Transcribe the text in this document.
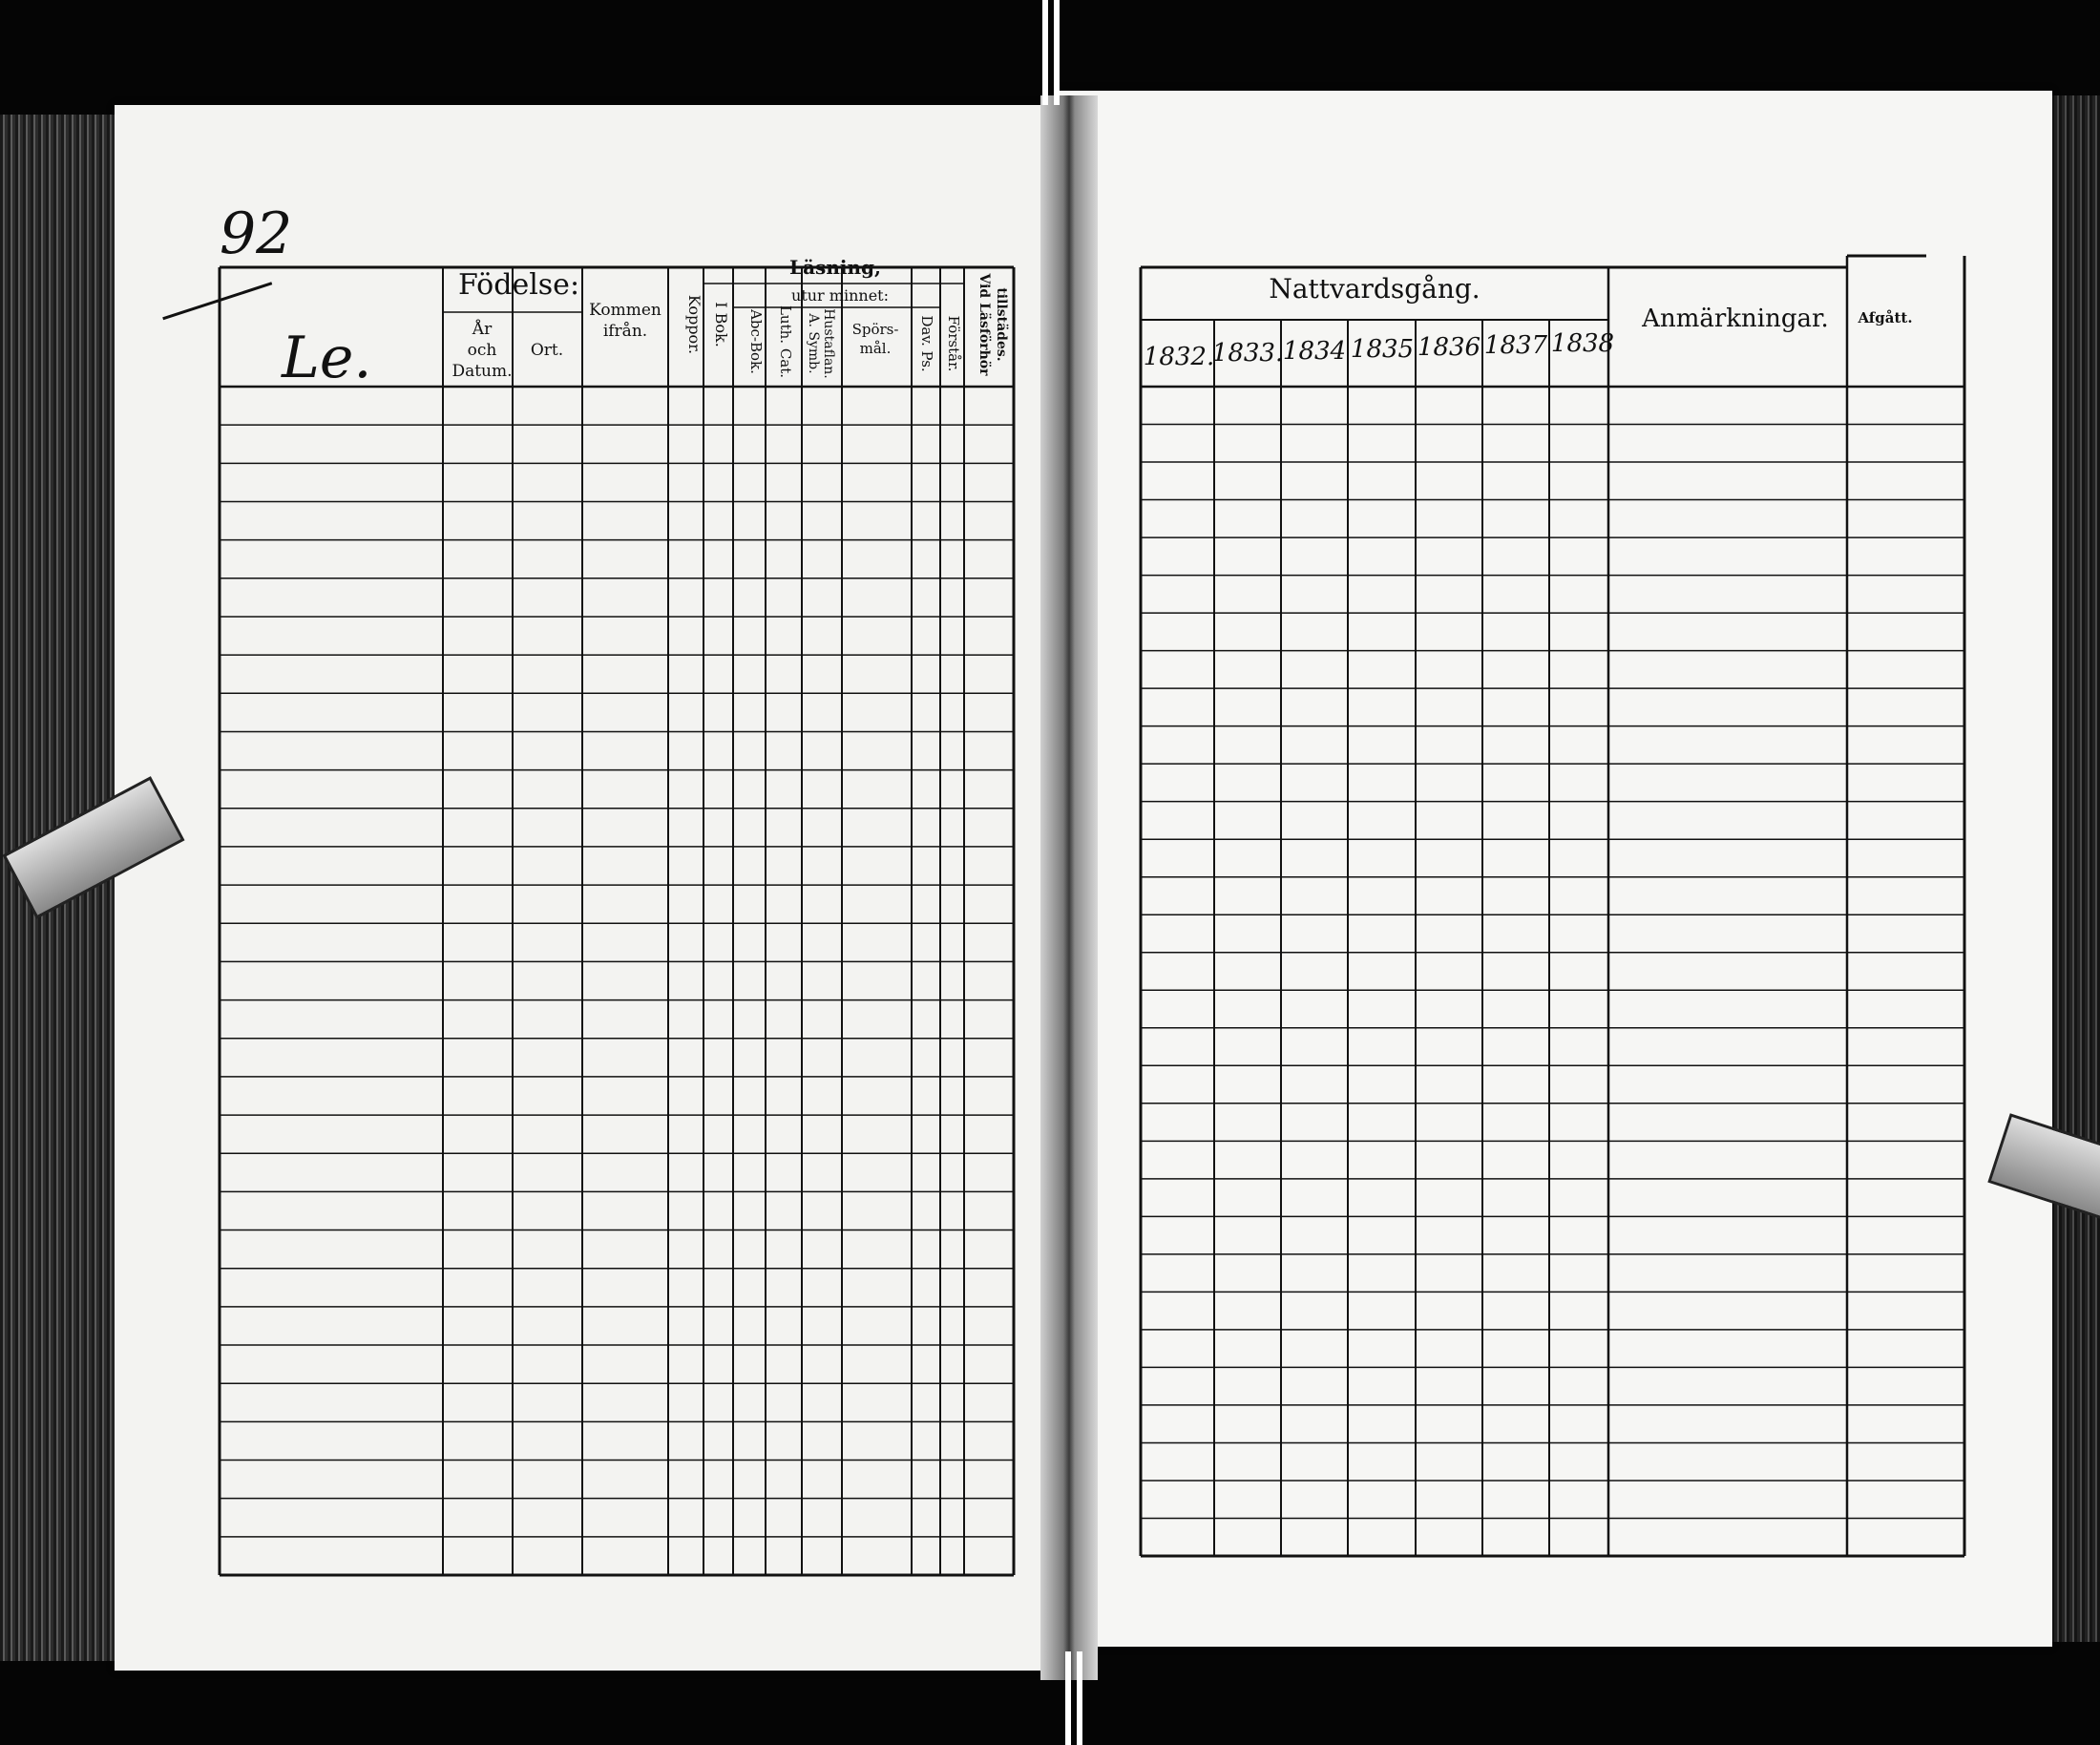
92
Le.
Födelse:
År
och
Datum.
Ort.
Kommen
ifrån. Koppor.
Läsning,
utur minnet:
I Bok. Abc-Bok. Luth. Cat. A. Symb. Hustaflan. Spörs-
mål. Dav. Ps. Förstår. Vid Läsförhör tillstädes.	Nattvardsgång.
1832.
1833. 1834 1835 1836 1837 1838
Anmärkningar. Afgått.
